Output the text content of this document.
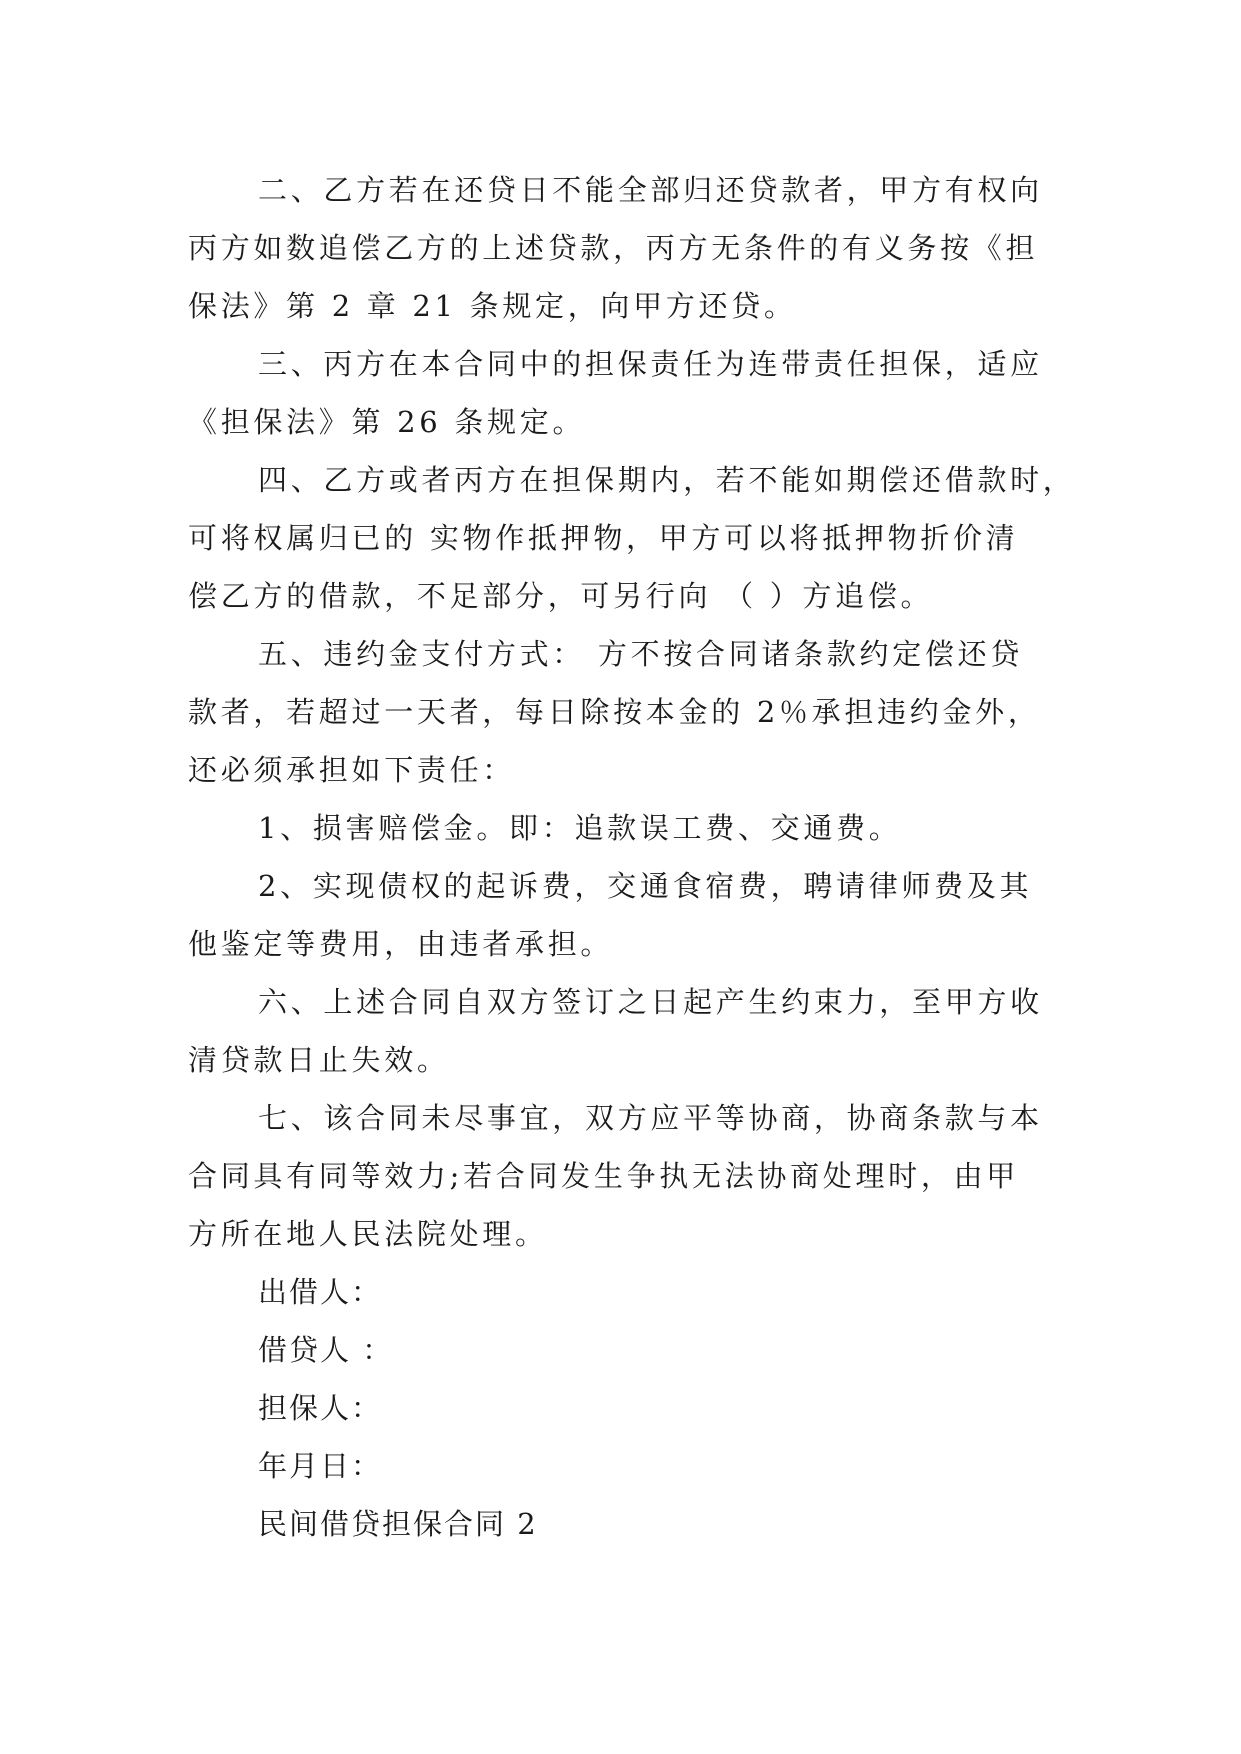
二、乙方若在还贷日不能全部归还贷款者，甲方有权向
丙方如数追偿乙方的上述贷款，丙方无条件的有义务按《担
保法》第 2 章 21 条规定，向甲方还贷。
三、丙方在本合同中的担保责任为连带责任担保，适应
《担保法》第 26 条规定。
四、乙方或者丙方在担保期内，若不能如期偿还借款时，
可将权属归已的 实物作抵押物，甲方可以将抵押物折价清
偿乙方的借款，不足部分，可另行向 （ ）方追偿。
五、违约金支付方式： 方不按合同诸条款约定偿还贷
款者，若超过一天者，每日除按本金的 2％承担违约金外，
还必须承担如下责任：
1、损害赔偿金。即：追款误工费、交通费。
2、实现债权的起诉费，交通食宿费，聘请律师费及其
他鉴定等费用，由违者承担。
六、上述合同自双方签订之日起产生约束力，至甲方收
清贷款日止失效。
七、该合同未尽事宜，双方应平等协商，协商条款与本
合同具有同等效力;若合同发生争执无法协商处理时，由甲
方所在地人民法院处理。
出借人：
借贷人 ：
担保人：
年月日：
民间借贷担保合同 2
